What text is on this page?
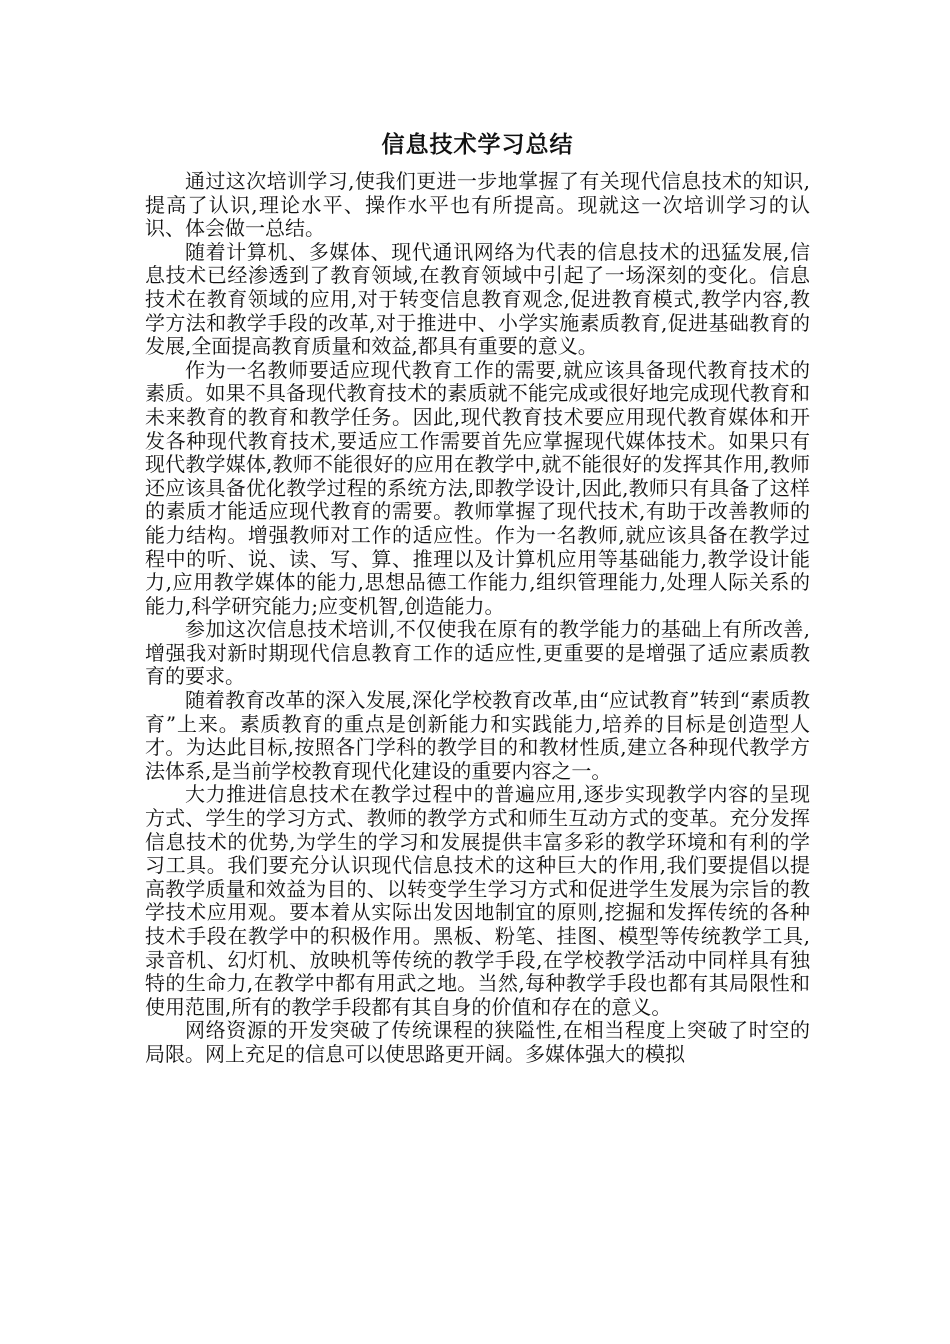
信息技术学习总结

通过这次培训学习,使我们更进一步地掌握了有关现代信息技术的知识,提高了认识,理论水平、操作水平也有所提高。现就这一次培训学习的认识、体会做一总结。

随着计算机、多媒体、现代通讯网络为代表的信息技术的迅猛发展,信息技术已经渗透到了教育领域,在教育领域中引起了一场深刻的变化。信息技术在教育领域的应用,对于转变信息教育观念,促进教育模式,教学内容,教学方法和教学手段的改革,对于推进中、小学实施素质教育,促进基础教育的发展,全面提高教育质量和效益,都具有重要的意义。

作为一名教师要适应现代教育工作的需要,就应该具备现代教育技术的素质。如果不具备现代教育技术的素质就不能完成或很好地完成现代教育和未来教育的教育和教学任务。因此,现代教育技术要应用现代教育媒体和开发各种现代教育技术,要适应工作需要首先应掌握现代媒体技术。如果只有现代教学媒体,教师不能很好的应用在教学中,就不能很好的发挥其作用,教师还应该具备优化教学过程的系统方法,即教学设计,因此,教师只有具备了这样的素质才能适应现代教育的需要。教师掌握了现代技术,有助于改善教师的能力结构。增强教师对工作的适应性。作为一名教师,就应该具备在教学过程中的听、说、读、写、算、推理以及计算机应用等基础能力,教学设计能力,应用教学媒体的能力,思想品德工作能力,组织管理能力,处理人际关系的能力,科学研究能力;应变机智,创造能力。

参加这次信息技术培训,不仅使我在原有的教学能力的基础上有所改善,增强我对新时期现代信息教育工作的适应性,更重要的是增强了适应素质教育的要求。

随着教育改革的深入发展,深化学校教育改革,由“应试教育”转到“素质教育”上来。素质教育的重点是创新能力和实践能力,培养的目标是创造型人才。为达此目标,按照各门学科的教学目的和教材性质,建立各种现代教学方法体系,是当前学校教育现代化建设的重要内容之一。

大力推进信息技术在教学过程中的普遍应用,逐步实现教学内容的呈现方式、学生的学习方式、教师的教学方式和师生互动方式的变革。充分发挥信息技术的优势,为学生的学习和发展提供丰富多彩的教学环境和有利的学习工具。我们要充分认识现代信息技术的这种巨大的作用,我们要提倡以提高教学质量和效益为目的、以转变学生学习方式和促进学生发展为宗旨的教学技术应用观。要本着从实际出发因地制宜的原则,挖掘和发挥传统的各种技术手段在教学中的积极作用。黑板、粉笔、挂图、模型等传统教学工具,录音机、幻灯机、放映机等传统的教学手段,在学校教学活动中同样具有独特的生命力,在教学中都有用武之地。当然,每种教学手段也都有其局限性和使用范围,所有的教学手段都有其自身的价值和存在的意义。

网络资源的开发突破了传统课程的狭隘性,在相当程度上突破了时空的局限。网上充足的信息可以使思路更开阔。多媒体强大的模拟
